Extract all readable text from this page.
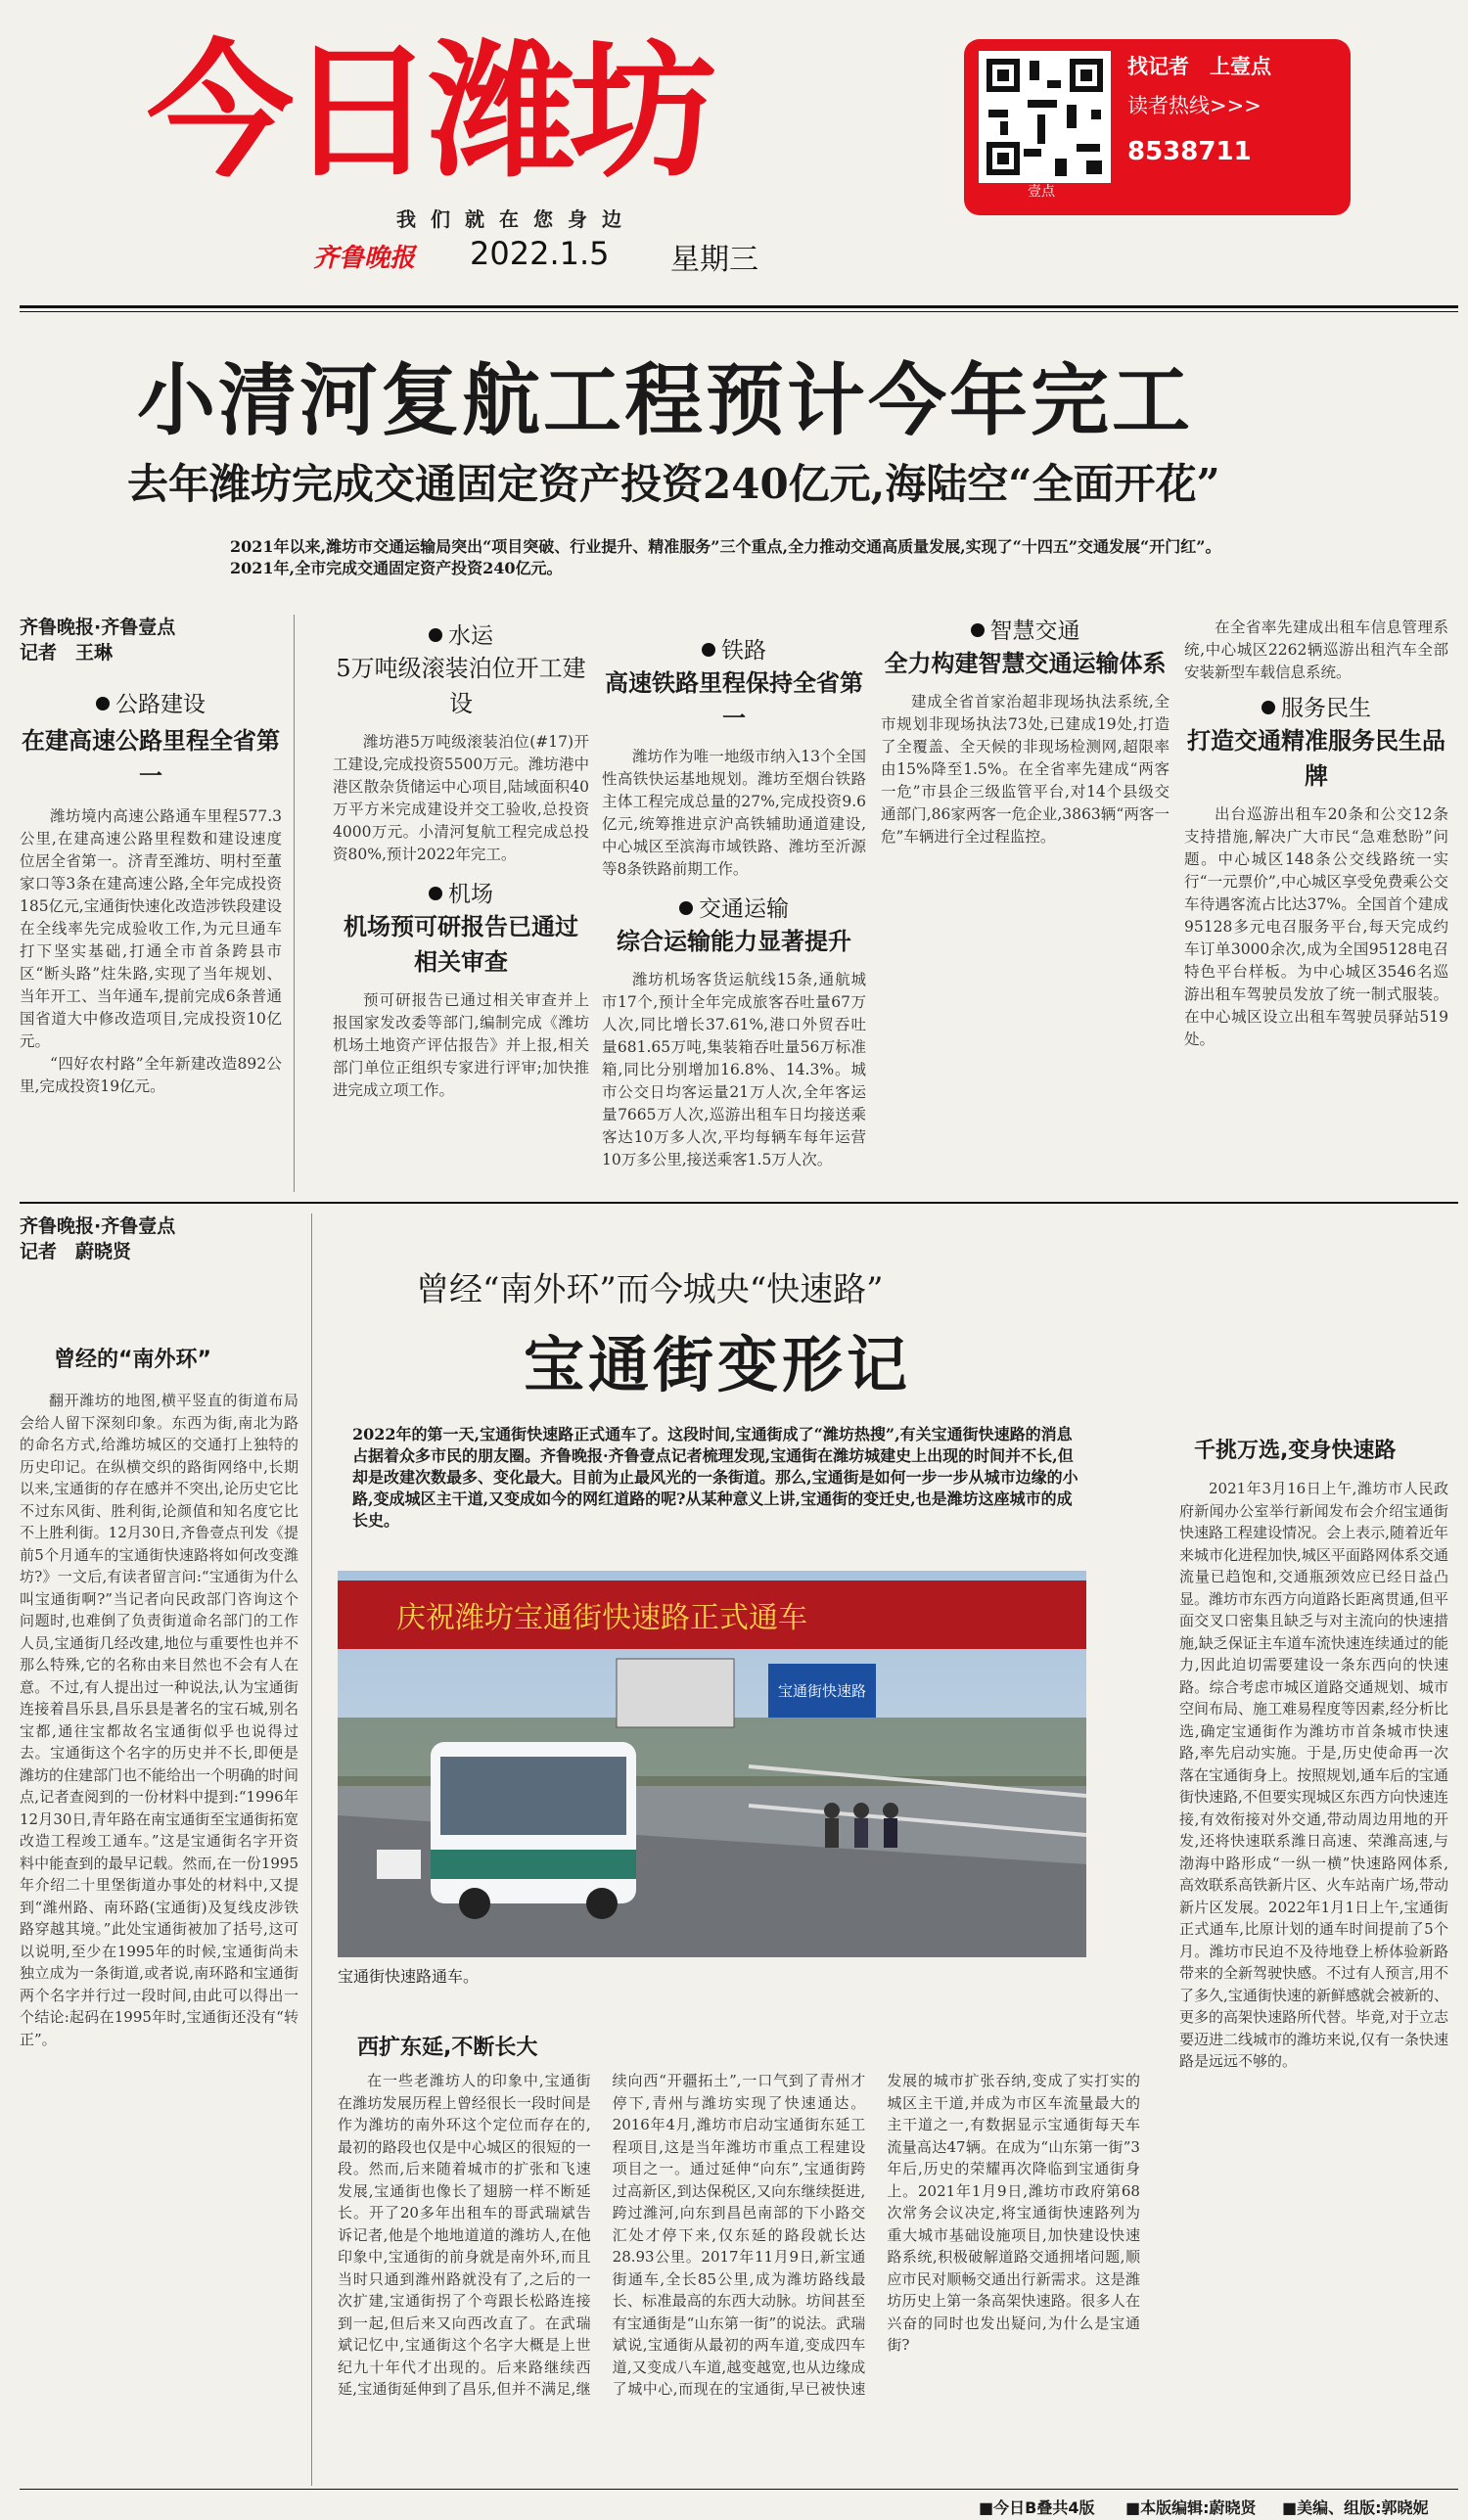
今日潍坊
我们就在您身边
齐鲁晚报 2022.1.5 星期三
壹点
找记者　上壹点
读者热线>>>
8538711
小清河复航工程预计今年完工
去年潍坊完成交通固定资产投资240亿元,海陆空“全面开花”
2021年以来,潍坊市交通运输局突出“项目突破、行业提升、精准服务”三个重点,全力推动交通高质量发展,实现了“十四五”交通发展“开门红”。2021年,全市完成交通固定资产投资240亿元。
齐鲁晚报·齐鲁壹点
记者　王琳
公路建设
在建高速公路里程全省第一

潍坊境内高速公路通车里程577.3公里,在建高速公路里程数和建设速度位居全省第一。济青至潍坊、明村至董家口等3条在建高速公路,全年完成投资185亿元,宝通街快速化改造涉铁段建设在全线率先完成验收工作,为元旦通车打下坚实基础,打通全市首条跨县市区“断头路”炷朱路,实现了当年规划、当年开工、当年通车,提前完成6条普通国省道大中修改造项目,完成投资10亿元。

“四好农村路”全年新建改造892公里,完成投资19亿元。

水运
5万吨级滚装泊位开工建设

潍坊港5万吨级滚装泊位(#17)开工建设,完成投资5500万元。潍坊港中港区散杂货储运中心项目,陆域面积40万平方米完成建设并交工验收,总投资4000万元。小清河复航工程完成总投资80%,预计2022年完工。

机场
机场预可研报告已通过相关审查

预可研报告已通过相关审查并上报国家发改委等部门,编制完成《潍坊机场土地资产评估报告》并上报,相关部门单位正组织专家进行评审;加快推进完成立项工作。

铁路
高速铁路里程保持全省第一

潍坊作为唯一地级市纳入13个全国性高铁快运基地规划。潍坊至烟台铁路主体工程完成总量的27%,完成投资9.6亿元,统筹推进京沪高铁辅助通道建设,中心城区至滨海市域铁路、潍坊至沂源等8条铁路前期工作。

交通运输
综合运输能力显著提升

潍坊机场客货运航线15条,通航城市17个,预计全年完成旅客吞吐量67万人次,同比增长37.61%,港口外贸吞吐量681.65万吨,集装箱吞吐量56万标准箱,同比分别增加16.8%、14.3%。城市公交日均客运量21万人次,全年客运量7665万人次,巡游出租车日均接送乘客达10万多人次,平均每辆车每年运营10万多公里,接送乘客1.5万人次。

智慧交通
全力构建智慧交通运输体系

建成全省首家治超非现场执法系统,全市规划非现场执法73处,已建成19处,打造了全覆盖、全天候的非现场检测网,超限率由15%降至1.5%。在全省率先建成“两客一危”市县企三级监管平台,对14个县级交通部门,86家两客一危企业,3863辆“两客一危”车辆进行全过程监控。

在全省率先建成出租车信息管理系统,中心城区2262辆巡游出租汽车全部安装新型车载信息系统。

服务民生
打造交通精准服务民生品牌

出台巡游出租车20条和公交12条支持措施,解决广大市民“急难愁盼”问题。中心城区148条公交线路统一实行“一元票价”,中心城区享受免费乘公交车待遇客流占比达37%。全国首个建成95128多元电召服务平台,每天完成约车订单3000余次,成为全国95128电召特色平台样板。为中心城区3546名巡游出租车驾驶员发放了统一制式服装。在中心城区设立出租车驾驶员驿站519处。

齐鲁晚报·齐鲁壹点
记者　蔚晓贤
曾经“南外环”而今城央“快速路”
宝通街变形记
2022年的第一天,宝通街快速路正式通车了。这段时间,宝通街成了“潍坊热搜”,有关宝通街快速路的消息占据着众多市民的朋友圈。齐鲁晚报·齐鲁壹点记者梳理发现,宝通街在潍坊城建史上出现的时间并不长,但却是改建次数最多、变化最大。目前为止最风光的一条街道。那么,宝通街是如何一步一步从城市边缘的小路,变成城区主干道,又变成如今的网红道路的呢?从某种意义上讲,宝通街的变迁史,也是潍坊这座城市的成长史。
曾经的“南外环”

翻开潍坊的地图,横平竖直的街道布局会给人留下深刻印象。东西为街,南北为路的命名方式,给潍坊城区的交通打上独特的历史印记。在纵横交织的路街网络中,长期以来,宝通街的存在感并不突出,论历史它比不过东风街、胜利街,论颜值和知名度它比不上胜利街。12月30日,齐鲁壹点刊发《提前5个月通车的宝通街快速路将如何改变潍坊?》一文后,有读者留言问:“宝通街为什么叫宝通街啊?”当记者向民政部门咨询这个问题时,也难倒了负责街道命名部门的工作人员,宝通街几经改建,地位与重要性也并不那么特殊,它的名称由来目然也不会有人在意。不过,有人提出过一种说法,认为宝通街连接着昌乐县,昌乐县是著名的宝石城,别名宝都,通往宝都故名宝通街似乎也说得过去。宝通街这个名字的历史并不长,即便是潍坊的住建部门也不能给出一个明确的时间点,记者查阅到的一份材料中提到:“1996年12月30日,青年路在南宝通街至宝通街拓宽改造工程竣工通车。”这是宝通街名字开资料中能查到的最早记载。然而,在一份1995年介绍二十里堡街道办事处的材料中,又提到“潍州路、南环路(宝通街)及复线皮涉铁路穿越其境。”此处宝通街被加了括号,这可以说明,至少在1995年的时候,宝通街尚未独立成为一条街道,或者说,南环路和宝通街两个名字并行过一段时间,由此可以得出一个结论:起码在1995年时,宝通街还没有“转正”。

庆祝潍坊宝通街快速路正式通车
宝通街快速路
宝通街快速路通车。
西扩东延,不断长大

在一些老潍坊人的印象中,宝通街在潍坊发展历程上曾经很长一段时间是作为潍坊的南外环这个定位而存在的,最初的路段也仅是中心城区的很短的一段。然而,后来随着城市的扩张和飞速发展,宝通街也像长了翅膀一样不断延长。开了20多年出租车的哥武瑞斌告诉记者,他是个地地道道的潍坊人,在他印象中,宝通街的前身就是南外环,而且当时只通到潍州路就没有了,之后的一次扩建,宝通街拐了个弯跟长松路连接到一起,但后来又向西改直了。在武瑞斌记忆中,宝通街这个名字大概是上世纪九十年代才出现的。后来路继续西延,宝通街延伸到了昌乐,但并不满足,继续向西“开疆拓土”,一口气到了青州才停下,青州与潍坊实现了快速通达。2016年4月,潍坊市启动宝通街东延工程项目,这是当年潍坊市重点工程建设项目之一。通过延伸“向东”,宝通街跨过高新区,到达保税区,又向东继续挺进,跨过潍河,向东到昌邑南部的下小路交汇处才停下来,仅东延的路段就长达28.93公里。2017年11月9日,新宝通街通车,全长85公里,成为潍坊路线最长、标准最高的东西大动脉。坊间甚至有宝通街是“山东第一街”的说法。武瑞斌说,宝通街从最初的两车道,变成四车道,又变成八车道,越变越宽,也从边缘成了城中心,而现在的宝通街,早已被快速发展的城市扩张吞纳,变成了实打实的城区主干道,并成为市区车流量最大的主干道之一,有数据显示宝通街每天车流量高达47辆。在成为“山东第一街”3年后,历史的荣耀再次降临到宝通街身上。2021年1月9日,潍坊市政府第68次常务会议决定,将宝通街快速路列为重大城市基础设施项目,加快建设快速路系统,积极破解道路交通拥堵问题,顺应市民对顺畅交通出行新需求。这是潍坊历史上第一条高架快速路。很多人在兴奋的同时也发出疑问,为什么是宝通街?

千挑万选,变身快速路

2021年3月16日上午,潍坊市人民政府新闻办公室举行新闻发布会介绍宝通街快速路工程建设情况。会上表示,随着近年来城市化进程加快,城区平面路网体系交通流量已趋饱和,交通瓶颈效应已经日益凸显。潍坊市东西方向道路长距离贯通,但平面交叉口密集且缺乏与对主流向的快速措施,缺乏保证主车道车流快速连续通过的能力,因此迫切需要建设一条东西向的快速路。综合考虑市城区道路交通规划、城市空间布局、施工难易程度等因素,经分析比选,确定宝通街作为潍坊市首条城市快速路,率先启动实施。于是,历史使命再一次落在宝通街身上。按照规划,通车后的宝通街快速路,不但要实现城区东西方向快速连接,有效衔接对外交通,带动周边用地的开发,还将快速联系潍日高速、荣潍高速,与渤海中路形成“一纵一横”快速路网体系,高效联系高铁新片区、火车站南广场,带动新片区发展。2022年1月1日上午,宝通街正式通车,比原计划的通车时间提前了5个月。潍坊市民迫不及待地登上桥体验新路带来的全新驾驶快感。不过有人预言,用不了多久,宝通街快速的新鲜感就会被新的、更多的高架快速路所代替。毕竟,对于立志要迈进二线城市的潍坊来说,仅有一条快速路是远远不够的。

■今日B叠共4版 ■本版编辑:蔚晓贤 ■美编、组版:郭晓妮
